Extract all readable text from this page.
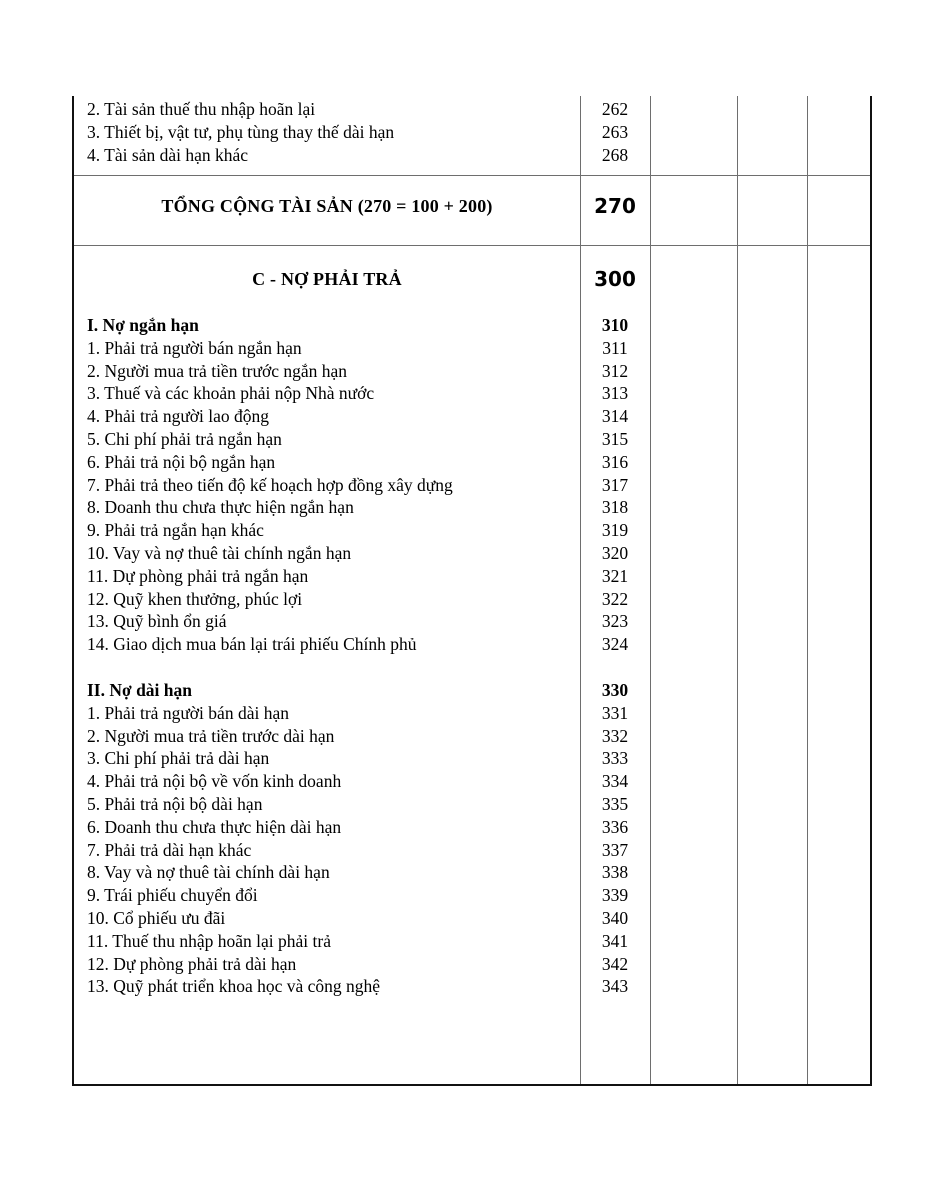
2. Tài sản thuế thu nhập hoãn lại	262
3. Thiết bị, vật tư, phụ tùng thay thế dài hạn	263
4. Tài sản dài hạn khác	268
TỔNG CỘNG TÀI SẢN (270 = 100 + 200)	270
C - NỢ PHẢI TRẢ	300
I. Nợ ngắn hạn	310
1. Phải trả người bán ngắn hạn	311
2. Người mua trả tiền trước ngắn hạn	312
3. Thuế và các khoản phải nộp Nhà nước	313
4. Phải trả người lao động	314
5. Chi phí phải trả ngắn hạn	315
6. Phải trả nội bộ ngắn hạn	316
7. Phải trả theo tiến độ kế hoạch hợp đồng xây dựng	317
8. Doanh thu chưa thực hiện ngắn hạn	318
9. Phải trả ngắn hạn khác	319
10. Vay và nợ thuê tài chính ngắn hạn	320
11. Dự phòng phải trả ngắn hạn	321
12. Quỹ khen thưởng, phúc lợi	322
13. Quỹ bình ổn giá	323
14. Giao dịch mua bán lại trái phiếu Chính phủ	324
II. Nợ dài hạn	330
1. Phải trả người bán dài hạn	331
2. Người mua trả tiền trước dài hạn	332
3. Chi phí phải trả dài hạn	333
4. Phải trả nội bộ về vốn kinh doanh	334
5. Phải trả nội bộ dài hạn	335
6. Doanh thu chưa thực hiện dài hạn	336
7. Phải trả dài hạn khác	337
8. Vay và nợ thuê tài chính dài hạn	338
9. Trái phiếu chuyển đổi	339
10. Cổ phiếu ưu đãi	340
11. Thuế thu nhập hoãn lại phải trả	341
12. Dự phòng phải trả dài hạn	342
13. Quỹ phát triển khoa học và công nghệ	343
